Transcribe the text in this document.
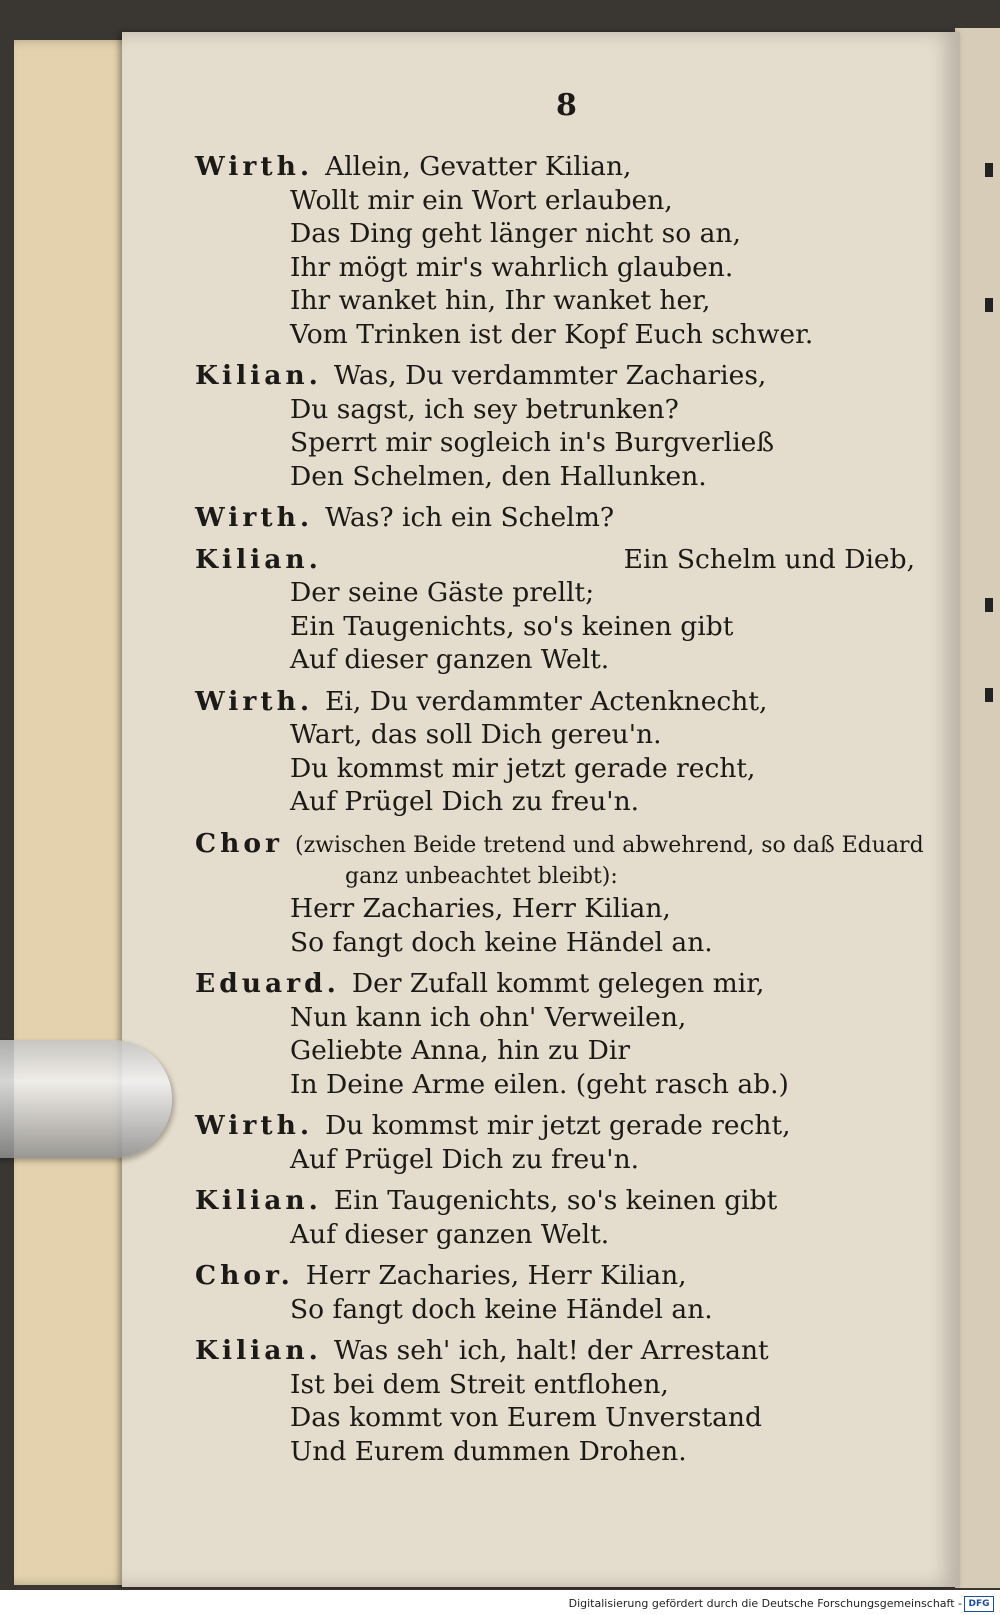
8
Wirth. Allein, Gevatter Kilian,
Wollt mir ein Wort erlauben,
Das Ding geht länger nicht so an,
Ihr mögt mir's wahrlich glauben.
Ihr wanket hin, Ihr wanket her,
Vom Trinken ist der Kopf Euch schwer.
Kilian. Was, Du verdammter Zacharies,
Du sagst, ich sey betrunken?
Sperrt mir sogleich in's Burgverließ
Den Schelmen, den Hallunken.
Wirth. Was? ich ein Schelm?
Kilian.	Ein Schelm und Dieb,
Der seine Gäste prellt;
Ein Taugenichts, so's keinen gibt
Auf dieser ganzen Welt.
Wirth. Ei, Du verdammter Actenknecht,
Wart, das soll Dich gereu'n.
Du kommst mir jetzt gerade recht,
Auf Prügel Dich zu freu'n.
Chor (zwischen Beide tretend und abwehrend, so daß Eduard
ganz unbeachtet bleibt):
Herr Zacharies, Herr Kilian,
So fangt doch keine Händel an.
Eduard. Der Zufall kommt gelegen mir,
Nun kann ich ohn' Verweilen,
Geliebte Anna, hin zu Dir
In Deine Arme eilen. (geht rasch ab.)
Wirth. Du kommst mir jetzt gerade recht,
Auf Prügel Dich zu freu'n.
Kilian. Ein Taugenichts, so's keinen gibt
Auf dieser ganzen Welt.
Chor. Herr Zacharies, Herr Kilian,
So fangt doch keine Händel an.
Kilian. Was seh' ich, halt! der Arrestant
Ist bei dem Streit entflohen,
Das kommt von Eurem Unverstand
Und Eurem dummen Drohen.
Digitalisierung gefördert durch die Deutsche Forschungsgemeinschaft - DFG
